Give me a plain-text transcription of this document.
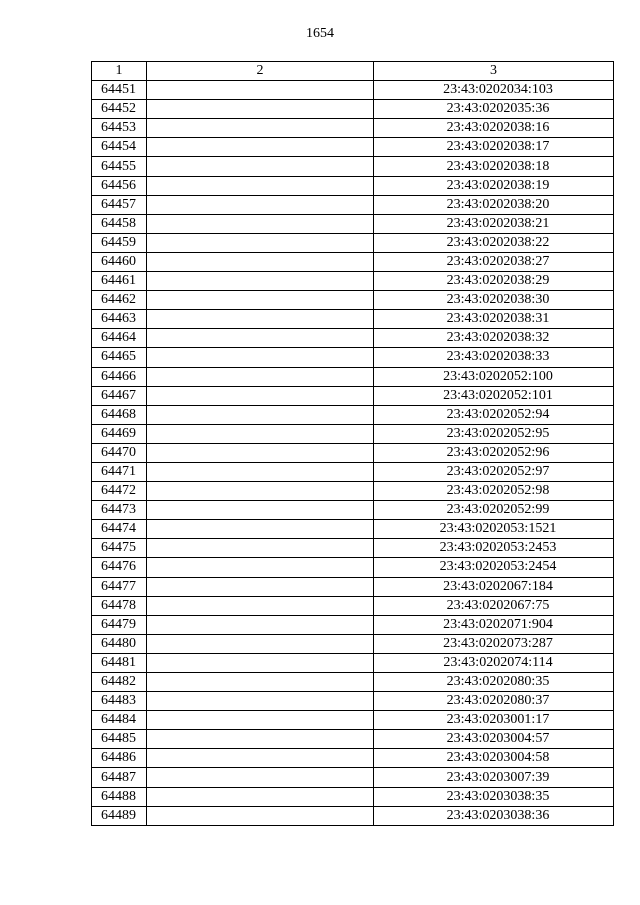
1654
1	2	3
64451		23:43:0202034:103
64452		23:43:0202035:36
64453		23:43:0202038:16
64454		23:43:0202038:17
64455		23:43:0202038:18
64456		23:43:0202038:19
64457		23:43:0202038:20
64458		23:43:0202038:21
64459		23:43:0202038:22
64460		23:43:0202038:27
64461		23:43:0202038:29
64462		23:43:0202038:30
64463		23:43:0202038:31
64464		23:43:0202038:32
64465		23:43:0202038:33
64466		23:43:0202052:100
64467		23:43:0202052:101
64468		23:43:0202052:94
64469		23:43:0202052:95
64470		23:43:0202052:96
64471		23:43:0202052:97
64472		23:43:0202052:98
64473		23:43:0202052:99
64474		23:43:0202053:1521
64475		23:43:0202053:2453
64476		23:43:0202053:2454
64477		23:43:0202067:184
64478		23:43:0202067:75
64479		23:43:0202071:904
64480		23:43:0202073:287
64481		23:43:0202074:114
64482		23:43:0202080:35
64483		23:43:0202080:37
64484		23:43:0203001:17
64485		23:43:0203004:57
64486		23:43:0203004:58
64487		23:43:0203007:39
64488		23:43:0203038:35
64489		23:43:0203038:36
